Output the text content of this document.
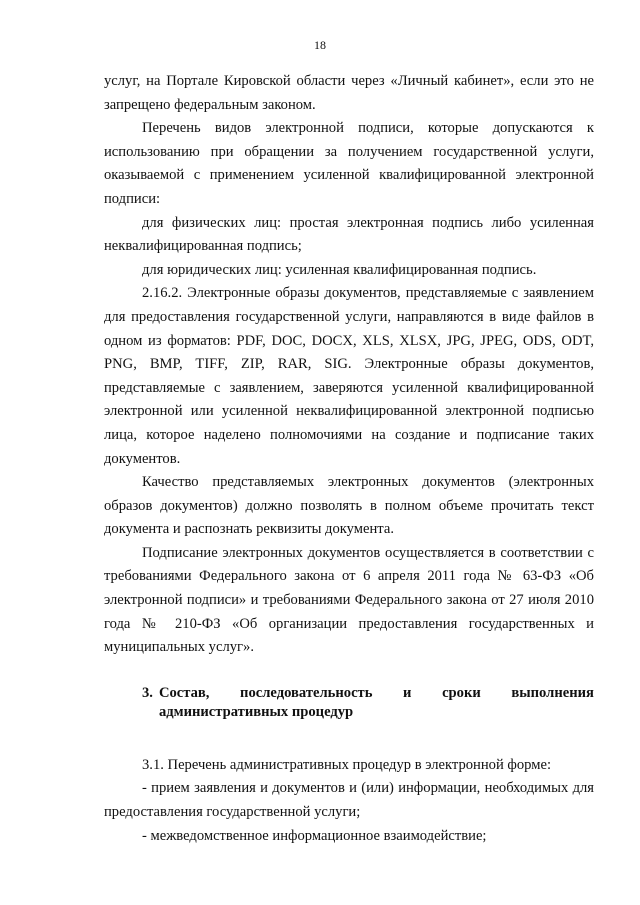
18

услуг, на Портале Кировской области через «Личный кабинет», если это не запрещено федеральным законом.

Перечень видов электронной подписи, которые допускаются к использованию при обращении за получением государственной услуги, оказываемой с применением усиленной квалифицированной электронной подписи:

для физических лиц: простая электронная подпись либо усиленная неквалифицированная подпись;

для юридических лиц: усиленная квалифицированная подпись.

2.16.2. Электронные образы документов, представляемые с заявлением для предоставления государственной услуги, направляются в виде файлов в одном из форматов: PDF, DOC, DOCX, XLS, XLSX, JPG, JPEG, ODS, ODT, PNG, BMP, TIFF, ZIP, RAR, SIG. Электронные образы документов, представляемые с заявлением, заверяются усиленной квалифицированной электронной или усиленной неквалифицированной электронной подписью лица, которое наделено полномочиями на создание и подписание таких документов.

Качество представляемых электронных документов (электронных образов документов) должно позволять в полном объеме прочитать текст документа и распознать реквизиты документа.

Подписание электронных документов осуществляется в соответствии с требованиями Федерального закона от 6 апреля 2011 года № 63-ФЗ «Об электронной подписи» и требованиями Федерального закона от 27 июля 2010 года № 210-ФЗ «Об организации предоставления государственных и муниципальных услуг».

3. Состав, последовательность и сроки выполнения
административных процедур

3.1. Перечень административных процедур в электронной форме:

- прием заявления и документов и (или) информации, необходимых для предоставления государственной услуги;

- межведомственное информационное взаимодействие;
